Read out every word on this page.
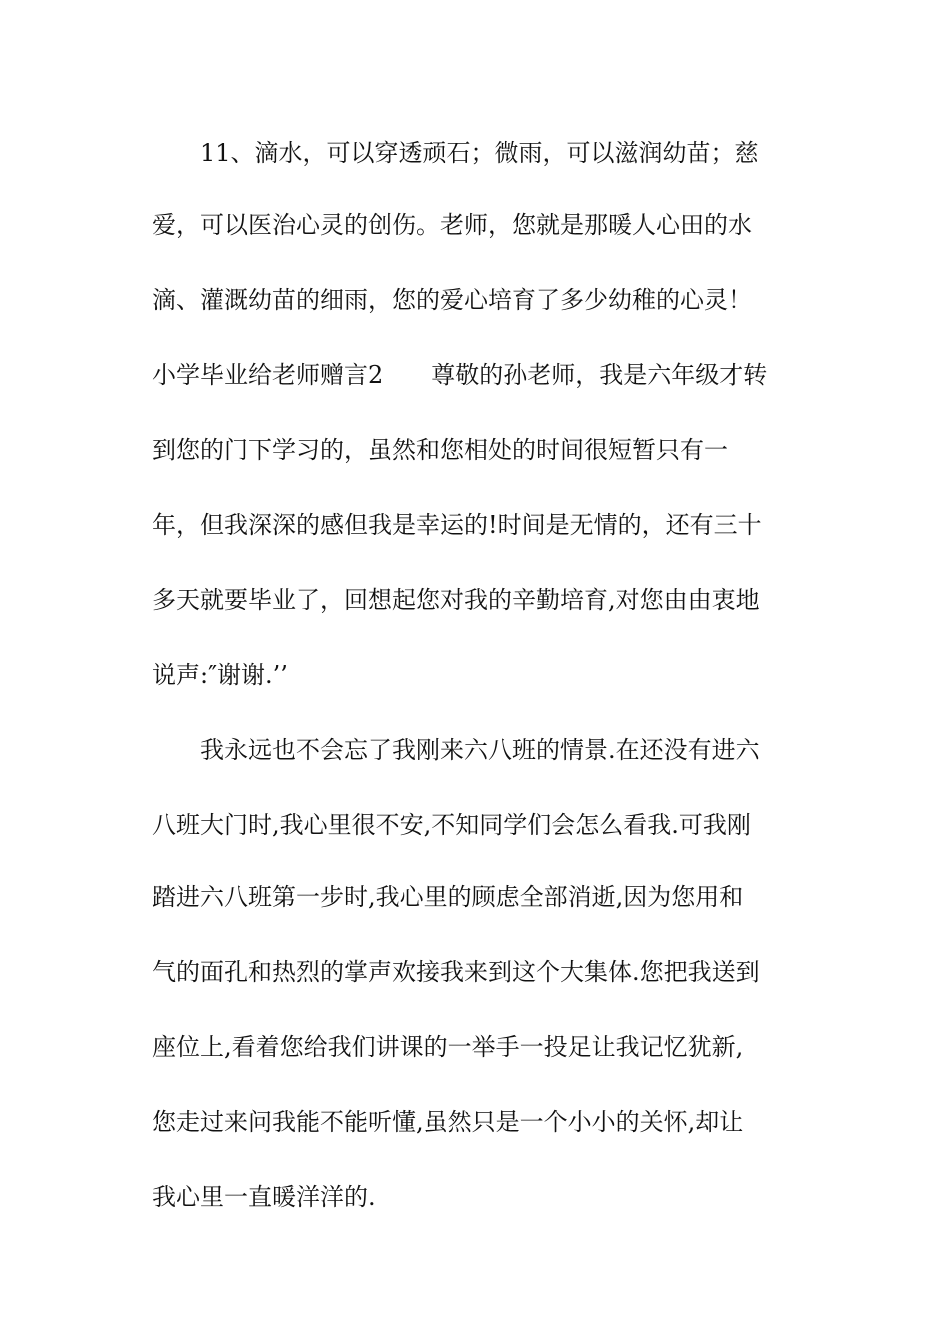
11、滴水，可以穿透顽石；微雨，可以滋润幼苗；慈
爱，可以医治心灵的创伤。老师，您就是那暖人心田的水
滴、灌溉幼苗的细雨，您的爱心培育了多少幼稚的心灵！
小学毕业给老师赠言2　　尊敬的孙老师，我是六年级才转
到您的门下学习的，虽然和您相处的时间很短暂只有一
年，但我深深的感但我是幸运的!时间是无情的，还有三十
多天就要毕业了，回想起您对我的辛勤培育,对您由由衷地
说声:″谢谢.’’
我永远也不会忘了我刚来六八班的情景.在还没有进六
八班大门时,我心里很不安,不知同学们会怎么看我.可我刚
踏进六八班第一步时,我心里的顾虑全部消逝,因为您用和
气的面孔和热烈的掌声欢接我来到这个大集体.您把我送到
座位上,看着您给我们讲课的一举手一投足让我记忆犹新,
您走过来问我能不能听懂,虽然只是一个小小的关怀,却让
我心里一直暖洋洋的.
